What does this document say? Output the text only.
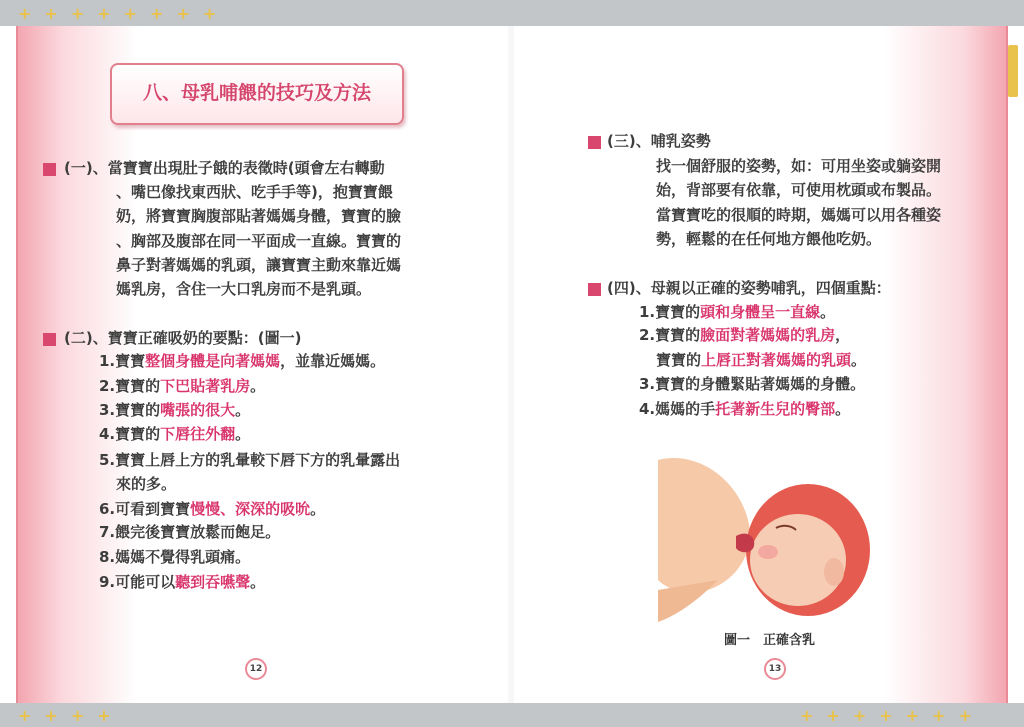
++++++++
++++	+++++++
八、母乳哺餵的技巧及方法
(一)、當寶寶出現肚子餓的表徵時(頭會左右轉動
、嘴巴像找東西狀、吃手手等)，抱寶寶餵
奶，將寶寶胸腹部貼著媽媽身體，寶寶的臉
、胸部及腹部在同一平面成一直線。寶寶的
鼻子對著媽媽的乳頭，讓寶寶主動來靠近媽
媽乳房，含住一大口乳房而不是乳頭。
(二)、寶寶正確吸奶的要點：(圖一)
1.寶寶整個身體是向著媽媽，並靠近媽媽。
2.寶寶的下巴貼著乳房。
3.寶寶的嘴張的很大。
4.寶寶的下唇往外翻。
5.寶寶上唇上方的乳暈較下唇下方的乳暈露出
來的多。
6.可看到寶寶慢慢、深深的吸吮。
7.餵完後寶寶放鬆而飽足。
8.媽媽不覺得乳頭痛。
9.可能可以聽到吞嚥聲。
12
(三)、哺乳姿勢
找一個舒服的姿勢，如：可用坐姿或躺姿開
始，背部要有依靠，可使用枕頭或布製品。
當寶寶吃的很順的時期，媽媽可以用各種姿
勢，輕鬆的在任何地方餵他吃奶。
(四)、母親以正確的姿勢哺乳，四個重點：
1.寶寶的頭和身體呈一直線。
2.寶寶的臉面對著媽媽的乳房，
寶寶的上唇正對著媽媽的乳頭。
3.寶寶的身體緊貼著媽媽的身體。
4.媽媽的手托著新生兒的臀部。
圖一　正確含乳
13
